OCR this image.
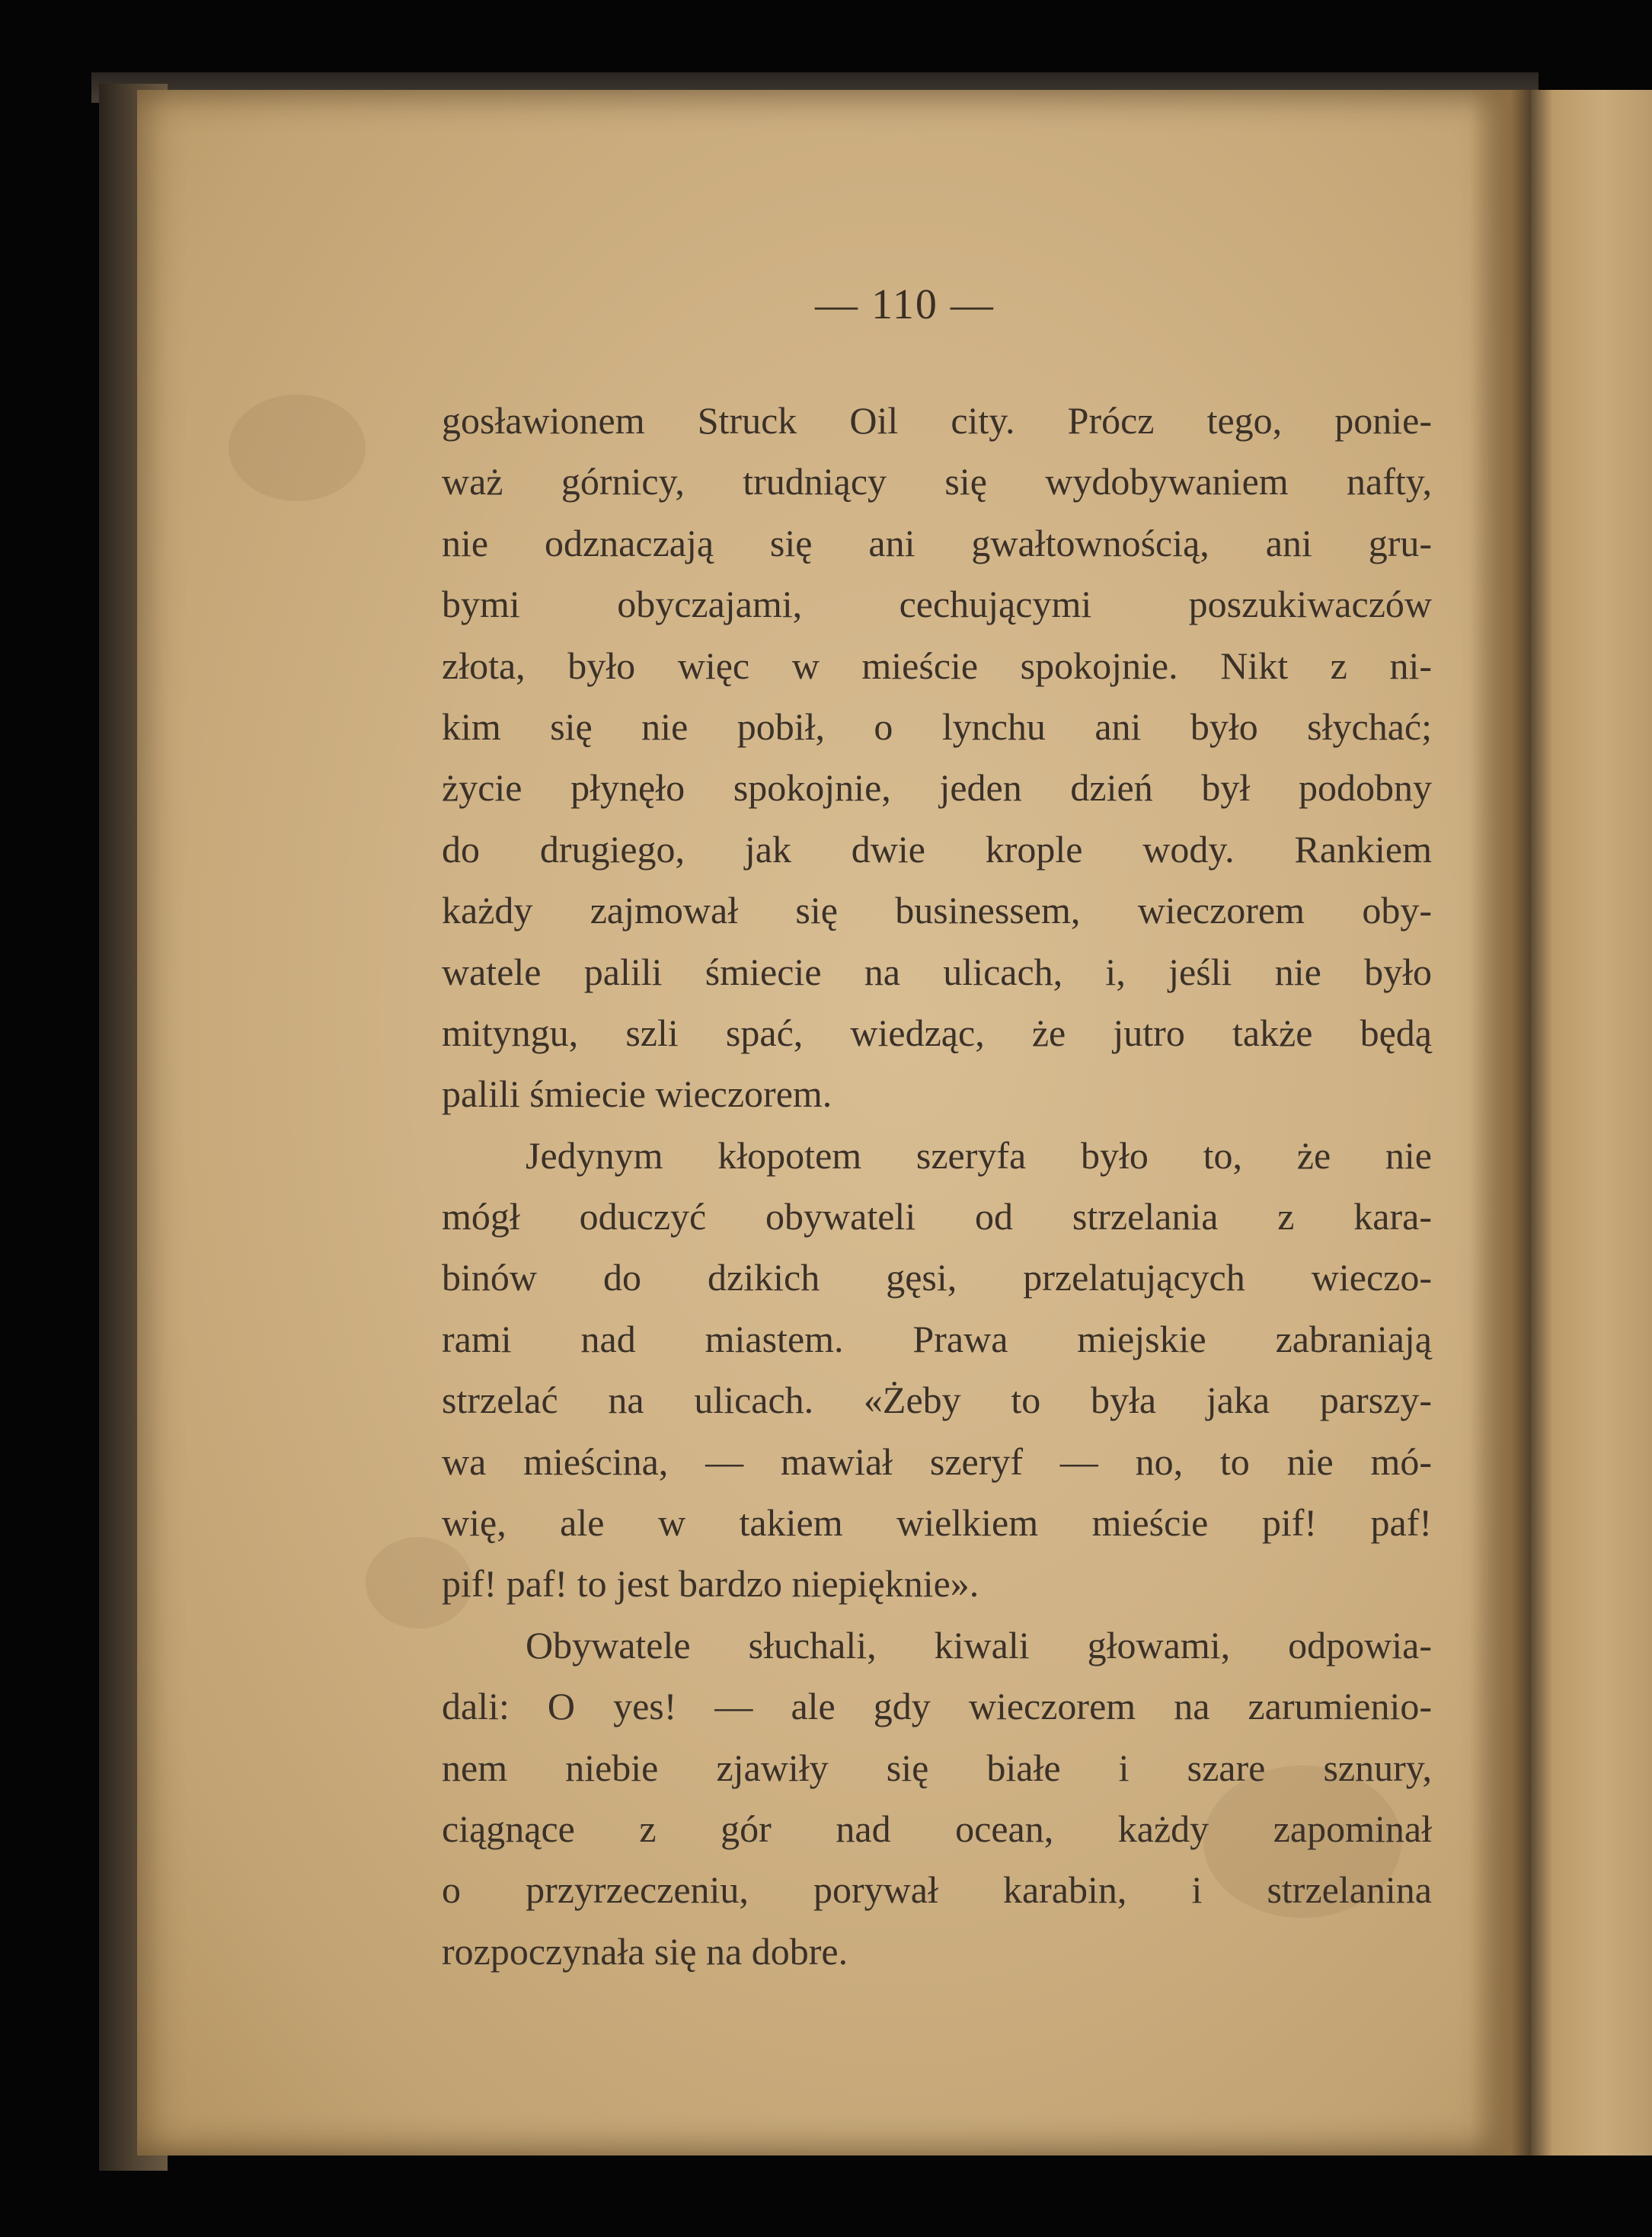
— 110 —

gosławionem Struck Oil city. Prócz tego, ponie-
waż górnicy, trudniący się wydobywaniem nafty,
nie odznaczają się ani gwałtownością, ani gru-
bymi obyczajami, cechującymi poszukiwaczów
złota, było więc w mieście spokojnie. Nikt z ni-
kim się nie pobił, o lynchu ani było słychać;
życie płynęło spokojnie, jeden dzień był podobny
do drugiego, jak dwie krople wody. Rankiem
każdy zajmował się businessem, wieczorem oby-
watele palili śmiecie na ulicach, i, jeśli nie było
mityngu, szli spać, wiedząc, że jutro także będą
palili śmiecie wieczorem.
Jedynym kłopotem szeryfa było to, że nie
mógł oduczyć obywateli od strzelania z kara-
binów do dzikich gęsi, przelatujących wieczo-
rami nad miastem. Prawa miejskie zabraniają
strzelać na ulicach. «Żeby to była jaka parszy-
wa mieścina, — mawiał szeryf — no, to nie mó-
wię, ale w takiem wielkiem mieście pif! paf!
pif! paf! to jest bardzo niepięknie».
Obywatele słuchali, kiwali głowami, odpowia-
dali: O yes! — ale gdy wieczorem na zarumienio-
nem niebie zjawiły się białe i szare sznury,
ciągnące z gór nad ocean, każdy zapominał
o przyrzeczeniu, porywał karabin, i strzelanina
rozpoczynała się na dobre.
